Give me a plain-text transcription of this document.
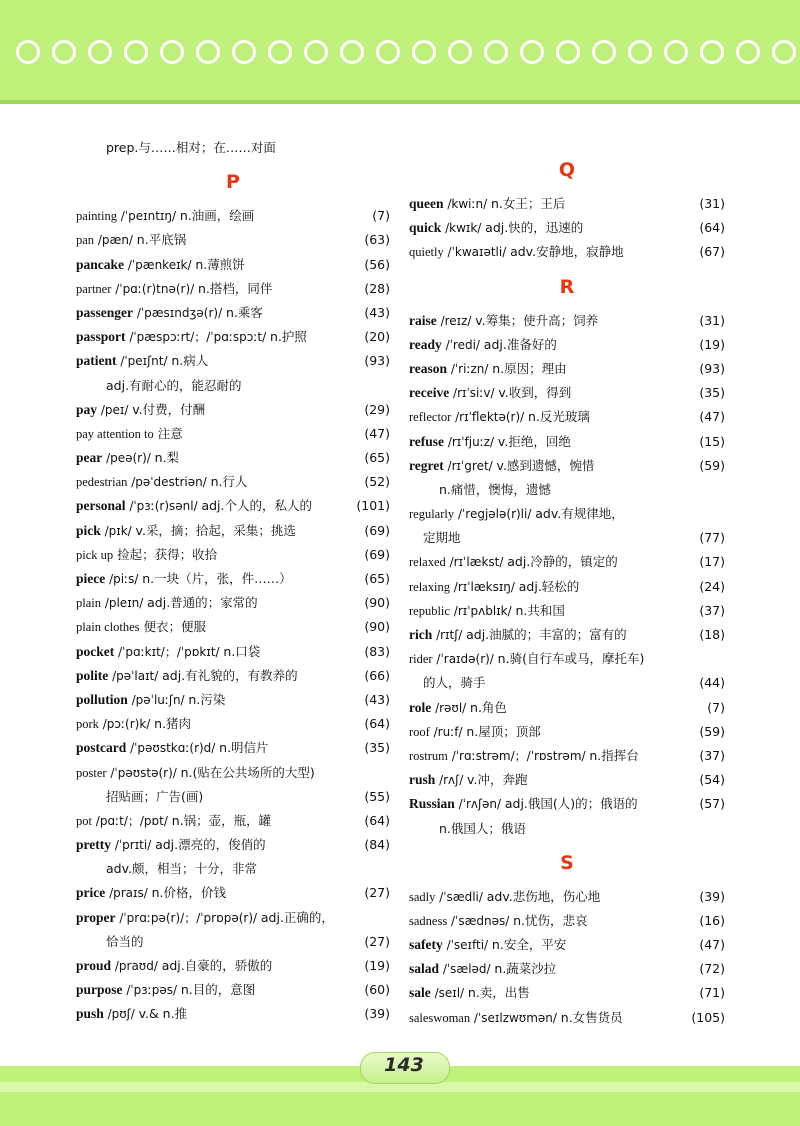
prep.与……相对；在……对面
P
painting /ˈpeɪntɪŋ/ n.油画，绘画	(7)
pan /pæn/ n.平底锅	(63)
pancake /ˈpænkeɪk/ n.薄煎饼	(56)
partner /ˈpɑː(r)tnə(r)/ n.搭档，同伴	(28)
passenger /ˈpæsɪndʒə(r)/ n.乘客	(43)
passport /ˈpæspɔːrt/；/ˈpɑːspɔːt/ n.护照	(20)
patient /ˈpeɪʃnt/ n.病人	(93)
adj.有耐心的，能忍耐的
pay /peɪ/ v.付费，付酬	(29)
pay attention to 注意	(47)
pear /peə(r)/ n.梨	(65)
pedestrian /pəˈdestriən/ n.行人	(52)
personal /ˈpɜː(r)sənl/ adj.个人的，私人的	(101)
pick /pɪk/ v.采，摘；拾起，采集；挑选	(69)
pick up 捡起；获得；收拾	(69)
piece /piːs/ n.一块（片，张，件……）	(65)
plain /pleɪn/ adj.普通的；家常的	(90)
plain clothes 便衣；便服	(90)
pocket /ˈpɑːkɪt/；/ˈpɒkɪt/ n.口袋	(83)
polite /pəˈlaɪt/ adj.有礼貌的，有教养的	(66)
pollution /pəˈluːʃn/ n.污染	(43)
pork /pɔː(r)k/ n.猪肉	(64)
postcard /ˈpəʊstkɑː(r)d/ n.明信片	(35)
poster /ˈpəʊstə(r)/ n.(贴在公共场所的大型)
招贴画；广告(画)	(55)
pot /pɑːt/；/pɒt/ n.锅；壶，瓶，罐	(64)
pretty /ˈprɪti/ adj.漂亮的，俊俏的	(84)
adv.颇，相当；十分，非常
price /praɪs/ n.价格，价钱	(27)
proper /ˈprɑːpə(r)/；/ˈprɒpə(r)/ adj.正确的，
恰当的	(27)
proud /praʊd/ adj.自豪的，骄傲的	(19)
purpose /ˈpɜːpəs/ n.目的，意图	(60)
push /pʊʃ/ v.& n.推	(39)
Q
queen /kwiːn/ n.女王；王后	(31)
quick /kwɪk/ adj.快的，迅速的	(64)
quietly /ˈkwaɪətli/ adv.安静地，寂静地	(67)
R
raise /reɪz/ v.筹集；使升高；饲养	(31)
ready /ˈredi/ adj.准备好的	(19)
reason /ˈriːzn/ n.原因；理由	(93)
receive /rɪˈsiːv/ v.收到，得到	(35)
reflector /rɪˈflektə(r)/ n.反光玻璃	(47)
refuse /rɪˈfjuːz/ v.拒绝，回绝	(15)
regret /rɪˈgret/ v.感到遗憾，惋惜	(59)
n.痛惜，懊悔，遗憾
regularly /ˈregjələ(r)li/ adv.有规律地，
定期地	(77)
relaxed /rɪˈlækst/ adj.冷静的，镇定的	(17)
relaxing /rɪˈlæksɪŋ/ adj.轻松的	(24)
republic /rɪˈpʌblɪk/ n.共和国	(37)
rich /rɪtʃ/ adj.油腻的；丰富的；富有的	(18)
rider /ˈraɪdə(r)/ n.骑(自行车或马，摩托车)
的人，骑手	(44)
role /rəʊl/ n.角色	(7)
roof /ruːf/ n.屋顶；顶部	(59)
rostrum /ˈrɑːstrəm/；/ˈrɒstrəm/ n.指挥台	(37)
rush /rʌʃ/ v.冲，奔跑	(54)
Russian /ˈrʌʃən/ adj.俄国(人)的；俄语的	(57)
n.俄国人；俄语
S
sadly /ˈsædli/ adv.悲伤地，伤心地	(39)
sadness /ˈsædnəs/ n.忧伤，悲哀	(16)
safety /ˈseɪfti/ n.安全，平安	(47)
salad /ˈsæləd/ n.蔬菜沙拉	(72)
sale /seɪl/ n.卖，出售	(71)
saleswoman /ˈseɪlzwʊmən/ n.女售货员	(105)
143
